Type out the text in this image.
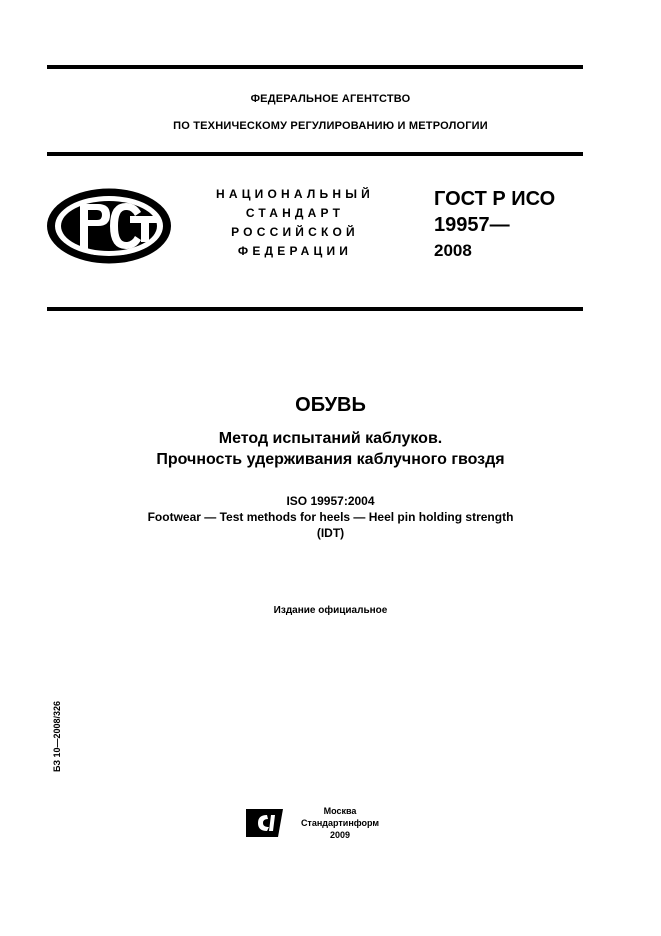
ФЕДЕРАЛЬНОЕ АГЕНТСТВО
ПО ТЕХНИЧЕСКОМУ РЕГУЛИРОВАНИЮ И МЕТРОЛОГИИ
НАЦИОНАЛЬНЫЙ
СТАНДАРТ
РОССИЙСКОЙ
ФЕДЕРАЦИИ
ГОСТ Р ИСО
19957—
2008
ОБУВЬ
Метод испытаний каблуков.
Прочность удерживания каблучного гвоздя
ISO 19957:2004
Footwear — Test methods for heels — Heel pin holding strength
(IDT)
Издание официальное
БЗ 10—2008/326
Москва
Стандартинформ
2009
